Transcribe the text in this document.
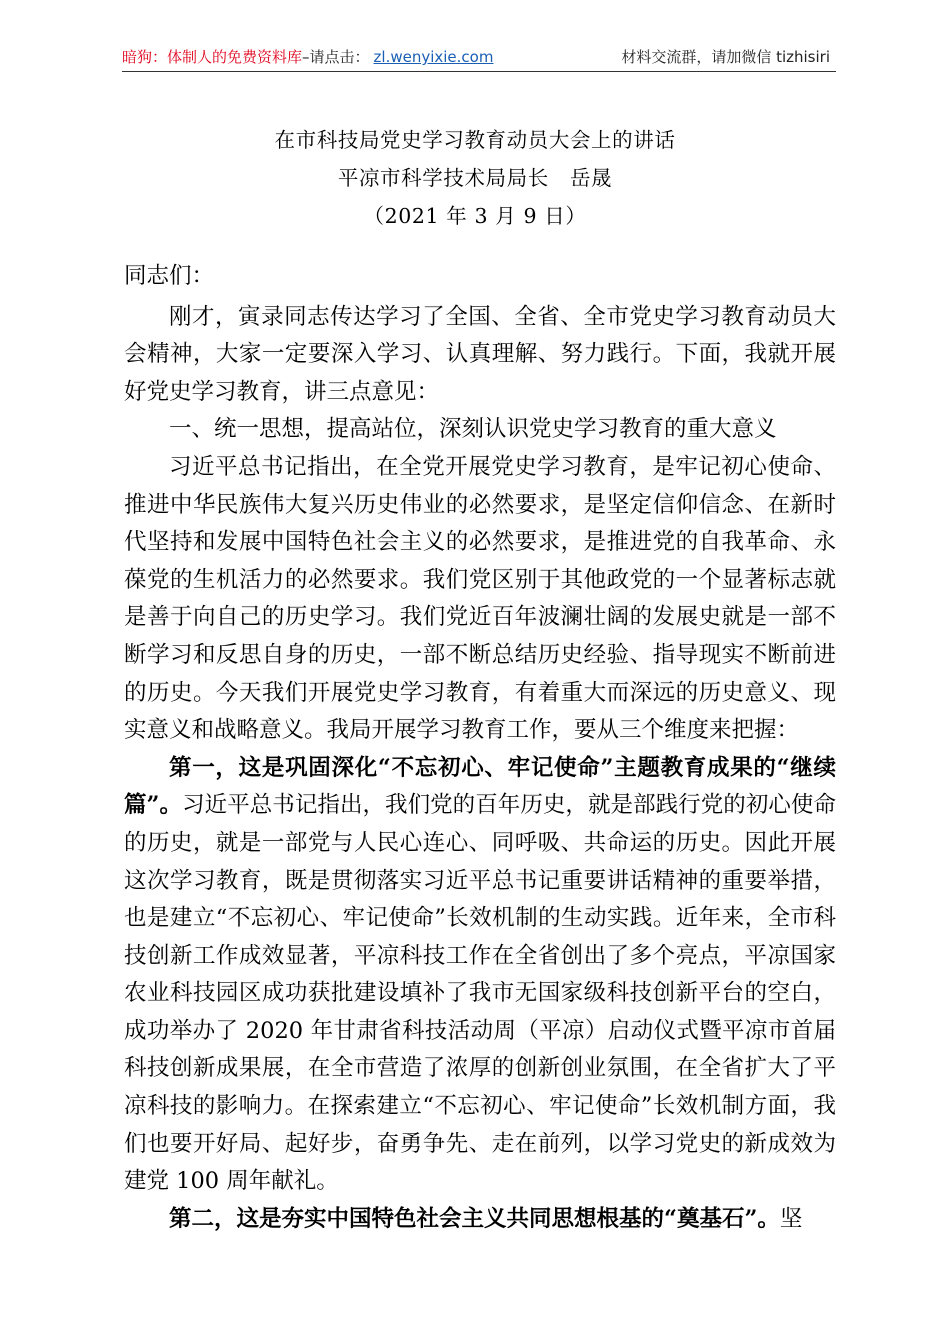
暗狗：体制人的免费资料库–请点击： zl.wenyixie.com	材料交流群，请加微信 tizhisiri
在市科技局党史学习教育动员大会上的讲话
平凉市科学技术局局长　岳晟
（2021 年 3 月 9 日）

同志们：

刚才，寅录同志传达学习了全国、全省、全市党史学习教育动员大会精神，大家一定要深入学习、认真理解、努力践行。下面，我就开展好党史学习教育，讲三点意见：

一、统一思想，提高站位，深刻认识党史学习教育的重大意义

习近平总书记指出，在全党开展党史学习教育，是牢记初心使命、推进中华民族伟大复兴历史伟业的必然要求，是坚定信仰信念、在新时代坚持和发展中国特色社会主义的必然要求，是推进党的自我革命、永葆党的生机活力的必然要求。我们党区别于其他政党的一个显著标志就是善于向自己的历史学习。我们党近百年波澜壮阔的发展史就是一部不断学习和反思自身的历史，一部不断总结历史经验、指导现实不断前进的历史。今天我们开展党史学习教育，有着重大而深远的历史意义、现实意义和战略意义。我局开展学习教育工作，要从三个维度来把握：

第一，这是巩固深化“不忘初心、牢记使命”主题教育成果的“继续篇”。习近平总书记指出，我们党的百年历史，就是部践行党的初心使命的历史，就是一部党与人民心连心、同呼吸、共命运的历史。因此开展这次学习教育，既是贯彻落实习近平总书记重要讲话精神的重要举措，也是建立“不忘初心、牢记使命”长效机制的生动实践。近年来，全市科技创新工作成效显著，平凉科技工作在全省创出了多个亮点，平凉国家农业科技园区成功获批建设填补了我市无国家级科技创新平台的空白，成功举办了 2020 年甘肃省科技活动周（平凉）启动仪式暨平凉市首届科技创新成果展，在全市营造了浓厚的创新创业氛围，在全省扩大了平凉科技的影响力。在探索建立“不忘初心、牢记使命”长效机制方面，我们也要开好局、起好步，奋勇争先、走在前列，以学习党史的新成效为建党 100 周年献礼。

第二，这是夯实中国特色社会主义共同思想根基的“奠基石”。坚
